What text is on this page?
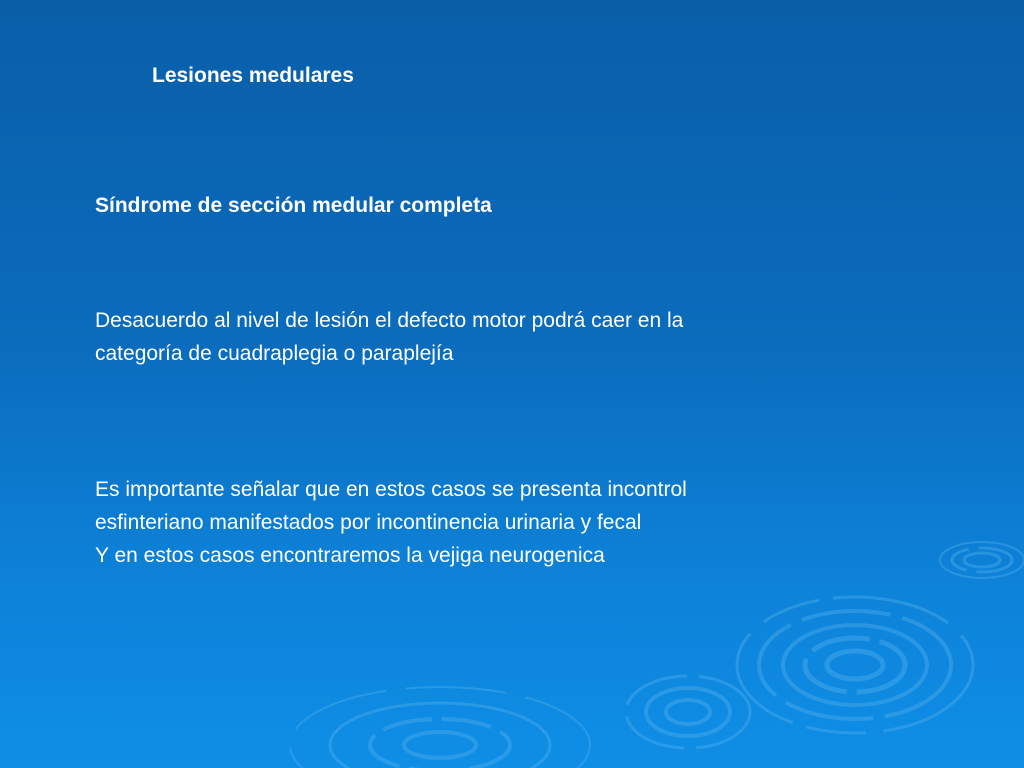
Lesiones medulares
Síndrome de sección medular completa
Desacuerdo al nivel de lesión el defecto motor podrá caer en la
categoría de cuadraplegia o paraplejía
Es importante señalar que en estos casos se presenta incontrol
esfinteriano manifestados por incontinencia urinaria y fecal
Y en estos casos encontraremos la vejiga neurogenica
